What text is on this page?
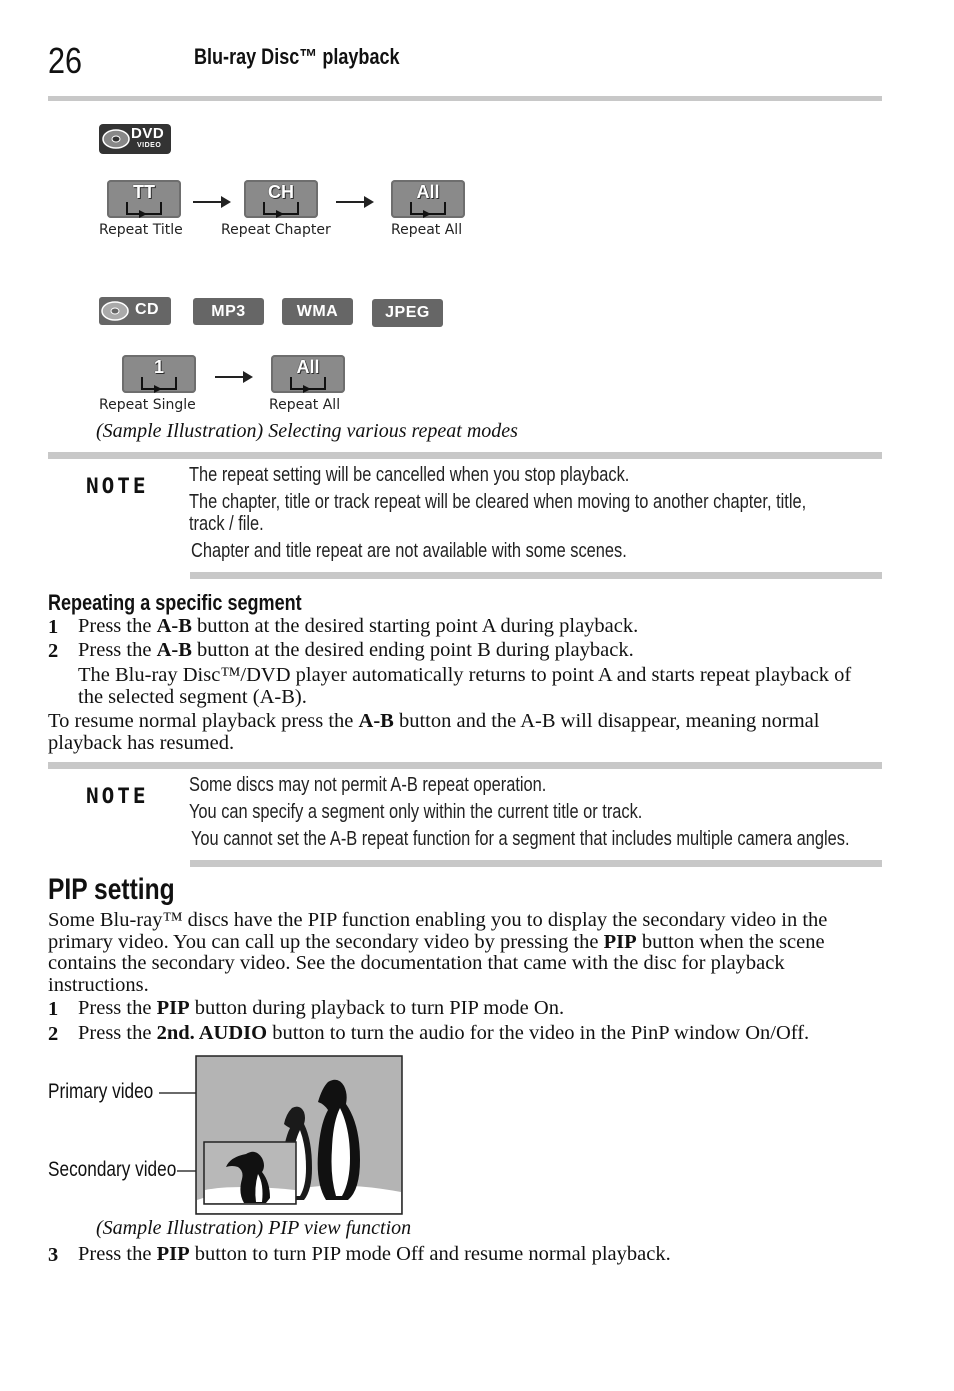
26	Blu-ray Disc™ playback
DVD
VIDEO
TT	CH	All
Repeat Title	Repeat Chapter	Repeat All
CD	MP3	WMA	JPEG
1	All
Repeat Single	Repeat All
(Sample Illustration) Selecting various repeat modes
NOTE The repeat setting will be cancelled when you stop playback.
The chapter, title or track repeat will be cleared when moving to another chapter, title,
track / file.
Chapter and title repeat are not available with some scenes.
Repeating a specific segment
1 Press the A-B button at the desired starting point A during playback.
2 Press the A-B button at the desired ending point B during playback.
The Blu-ray Disc™/DVD player automatically returns to point A and starts repeat playback of the selected segment (A-B).
To resume normal playback press the A-B button and the A-B will disappear, meaning normal playback has resumed.
NOTE Some discs may not permit A-B repeat operation.
You can specify a segment only within the current title or track.
You cannot set the A-B repeat function for a segment that includes multiple camera angles.
PIP setting
Some Blu-ray™ discs have the PIP function enabling you to display the secondary video in the primary video. You can call up the secondary video by pressing the PIP button when the scene contains the secondary video. See the documentation that came with the disc for playback instructions.
1 Press the PIP button during playback to turn PIP mode On.
2 Press the 2nd. AUDIO button to turn the audio for the video in the PinP window On/Off.
Primary video
Secondary video
(Sample Illustration) PIP view function
3 Press the PIP button to turn PIP mode Off and resume normal playback.
